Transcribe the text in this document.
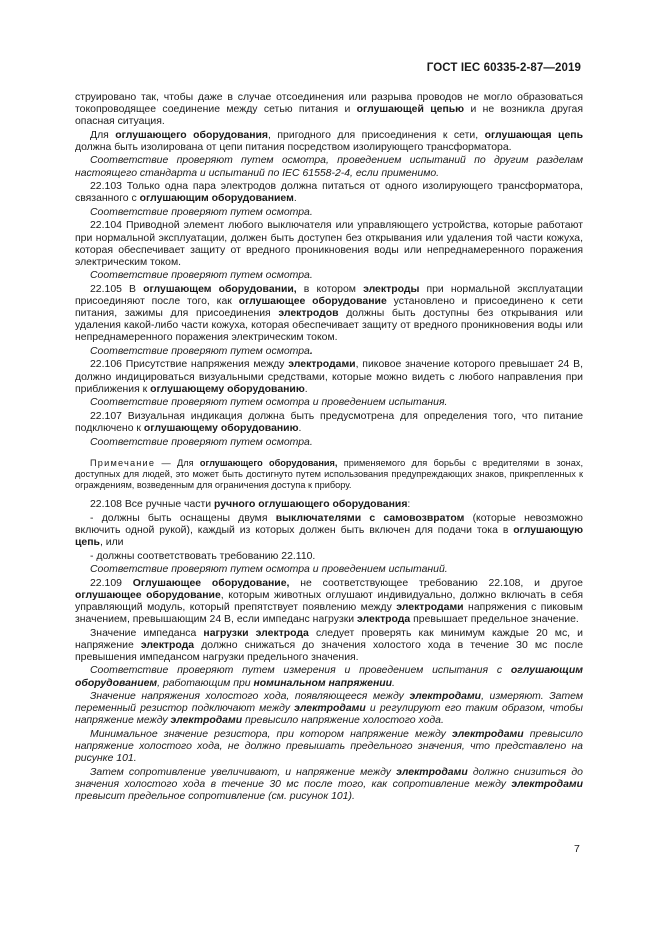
ГОСТ IEC 60335-2-87—2019

струировано так, чтобы даже в случае отсоединения или разрыва проводов не могло образоваться токопроводящее соединение между сетью питания и оглушающей цепью и не возникла другая опасная ситуация.

Для оглушающего оборудования, пригодного для присоединения к сети, оглушающая цепь должна быть изолирована от цепи питания посредством изолирующего трансформатора.

Соответствие проверяют путем осмотра, проведением испытаний по другим разделам настоящего стандарта и испытаний по IEC 61558-2-4, если применимо.

22.103 Только одна пара электродов должна питаться от одного изолирующего трансформатора, связанного с оглушающим оборудованием.

Соответствие проверяют путем осмотра.

22.104 Приводной элемент любого выключателя или управляющего устройства, которые работают при нормальной эксплуатации, должен быть доступен без открывания или удаления той части кожуха, которая обеспечивает защиту от вредного проникновения воды или непреднамеренного поражения электрическим током.

Соответствие проверяют путем осмотра.

22.105 В оглушающем оборудовании, в котором электроды при нормальной эксплуатации присоединяют после того, как оглушающее оборудование установлено и присоединено к сети питания, зажимы для присоединения электродов должны быть доступны без открывания или удаления какой-либо части кожуха, которая обеспечивает защиту от вредного проникновения воды или непреднамеренного поражения электрическим током.

Соответствие проверяют путем осмотра.

22.106 Присутствие напряжения между электродами, пиковое значение которого превышает 24 В, должно индицироваться визуальными средствами, которые можно видеть с любого направления при приближения к оглушающему оборудованию.

Соответствие проверяют путем осмотра и проведением испытания.

22.107 Визуальная индикация должна быть предусмотрена для определения того, что питание подключено к оглушающему оборудованию.

Соответствие проверяют путем осмотра.

Примечание — Для оглушающего оборудования, применяемого для борьбы с вредителями в зонах, доступных для людей, это может быть достигнуто путем использования предупреждающих знаков, прикрепленных к ограждениям, возведенным для ограничения доступа к прибору.

22.108 Все ручные части ручного оглушающего оборудования:

- должны быть оснащены двумя выключателями с самовозвратом (которые невозможно включить одной рукой), каждый из которых должен быть включен для подачи тока в оглушающую цепь, или

- должны соответствовать требованию 22.110.

Соответствие проверяют путем осмотра и проведением испытаний.

22.109 Оглушающее оборудование, не соответствующее требованию 22.108, и другое оглушающее оборудование, которым животных оглушают индивидуально, должно включать в себя управляющий модуль, который препятствует появлению между электродами напряжения с пиковым значением, превышающим 24 В, если импеданс нагрузки электрода превышает предельное значение.

Значение импеданса нагрузки электрода следует проверять как минимум каждые 20 мс, и напряжение электрода должно снижаться до значения холостого хода в течение 30 мс после превышения импедансом нагрузки предельного значения.

Соответствие проверяют путем измерения и проведением испытания с оглушающим оборудованием, работающим при номинальном напряжении.

Значение напряжения холостого хода, появляющееся между электродами, измеряют. Затем переменный резистор подключают между электродами и регулируют его таким образом, чтобы напряжение между электродами превысило напряжение холостого хода.

Минимальное значение резистора, при котором напряжение между электродами превысило напряжение холостого хода, не должно превышать предельного значения, что представлено на рисунке 101.

Затем сопротивление увеличивают, и напряжение между электродами должно снизиться до значения холостого хода в течение 30 мс после того, как сопротивление между электродами превысит предельное сопротивление (см. рисунок 101).

7
